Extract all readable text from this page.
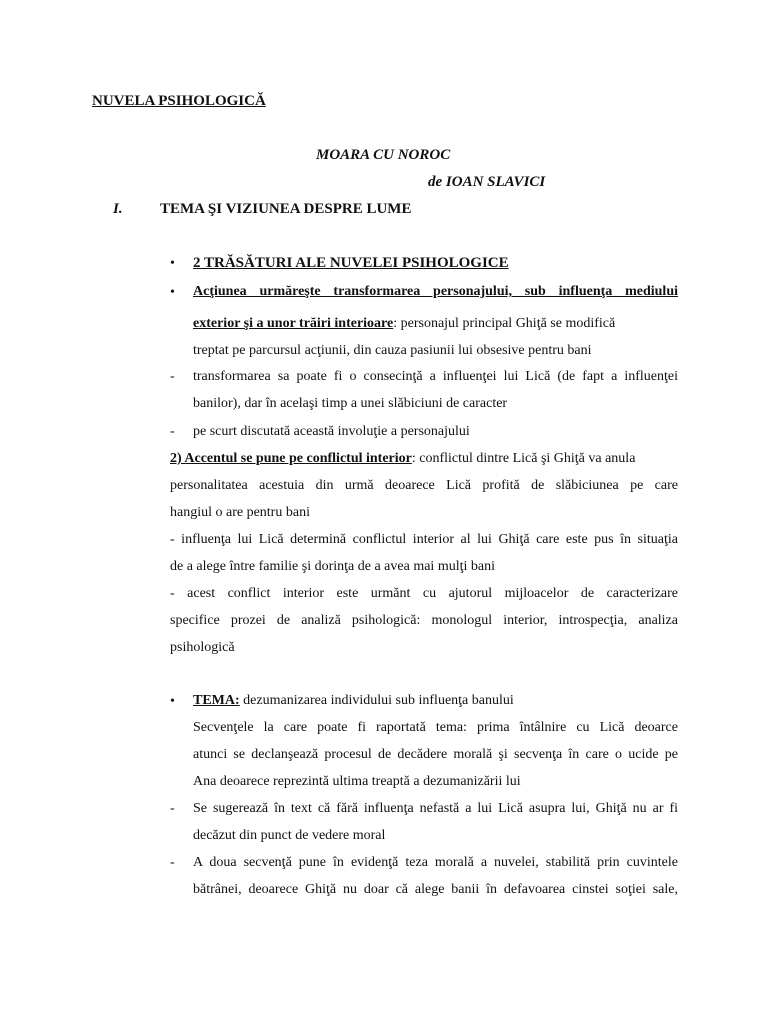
NUVELA PSIHOLOGICĂ
MOARA CU NOROC
de IOAN SLAVICI
I. TEMA ŞI VIZIUNEA DESPRE LUME
• 2 TRĂSĂTURI ALE NUVELEI PSIHOLOGICE
• Acţiunea urmăreşte transformarea personajului, sub influenţa mediului
exterior şi a unor trăiri interioare: personajul principal Ghiţă se modifică
treptat pe parcursul acţiunii, din cauza pasiunii lui obsesive pentru bani
- transformarea sa poate fi o consecinţă a influenţei lui Lică (de fapt a influenţei
banilor), dar în acelaşi timp a unei slăbiciuni de caracter
- pe scurt discutată această involuţie a personajului
2) Accentul se pune pe conflictul interior: conflictul dintre Lică şi Ghiţă va anula
personalitatea acestuia din urmă deoarece Lică profită de slăbiciunea pe care
hangiul o are pentru bani
- influenţa lui Lică determină conflictul interior al lui Ghiţă care este pus în situaţia
de a alege între familie şi dorinţa de a avea mai mulţi bani
- acest conflict interior este urmănt cu ajutorul mijloacelor de caracterizare
specifice prozei de analiză psihologică: monologul interior, introspecţia, analiza
psihologică
• TEMA: dezumanizarea individului sub influenţa banului
Secvenţele la care poate fi raportată tema: prima întâlnire cu Lică deoarce
atunci se declanşează procesul de decădere morală şi secvenţa în care o ucide pe
Ana deoarece reprezintă ultima treaptă a dezumanizării lui
- Se sugerează în text că fără influenţa nefastă a lui Lică asupra lui, Ghiţă nu ar fi
decăzut din punct de vedere moral
- A doua secvenţă pune în evidenţă teza morală a nuvelei, stabilită prin cuvintele
bătrânei, deoarece Ghiţă nu doar că alege banii în defavoarea cinstei soţiei sale,
